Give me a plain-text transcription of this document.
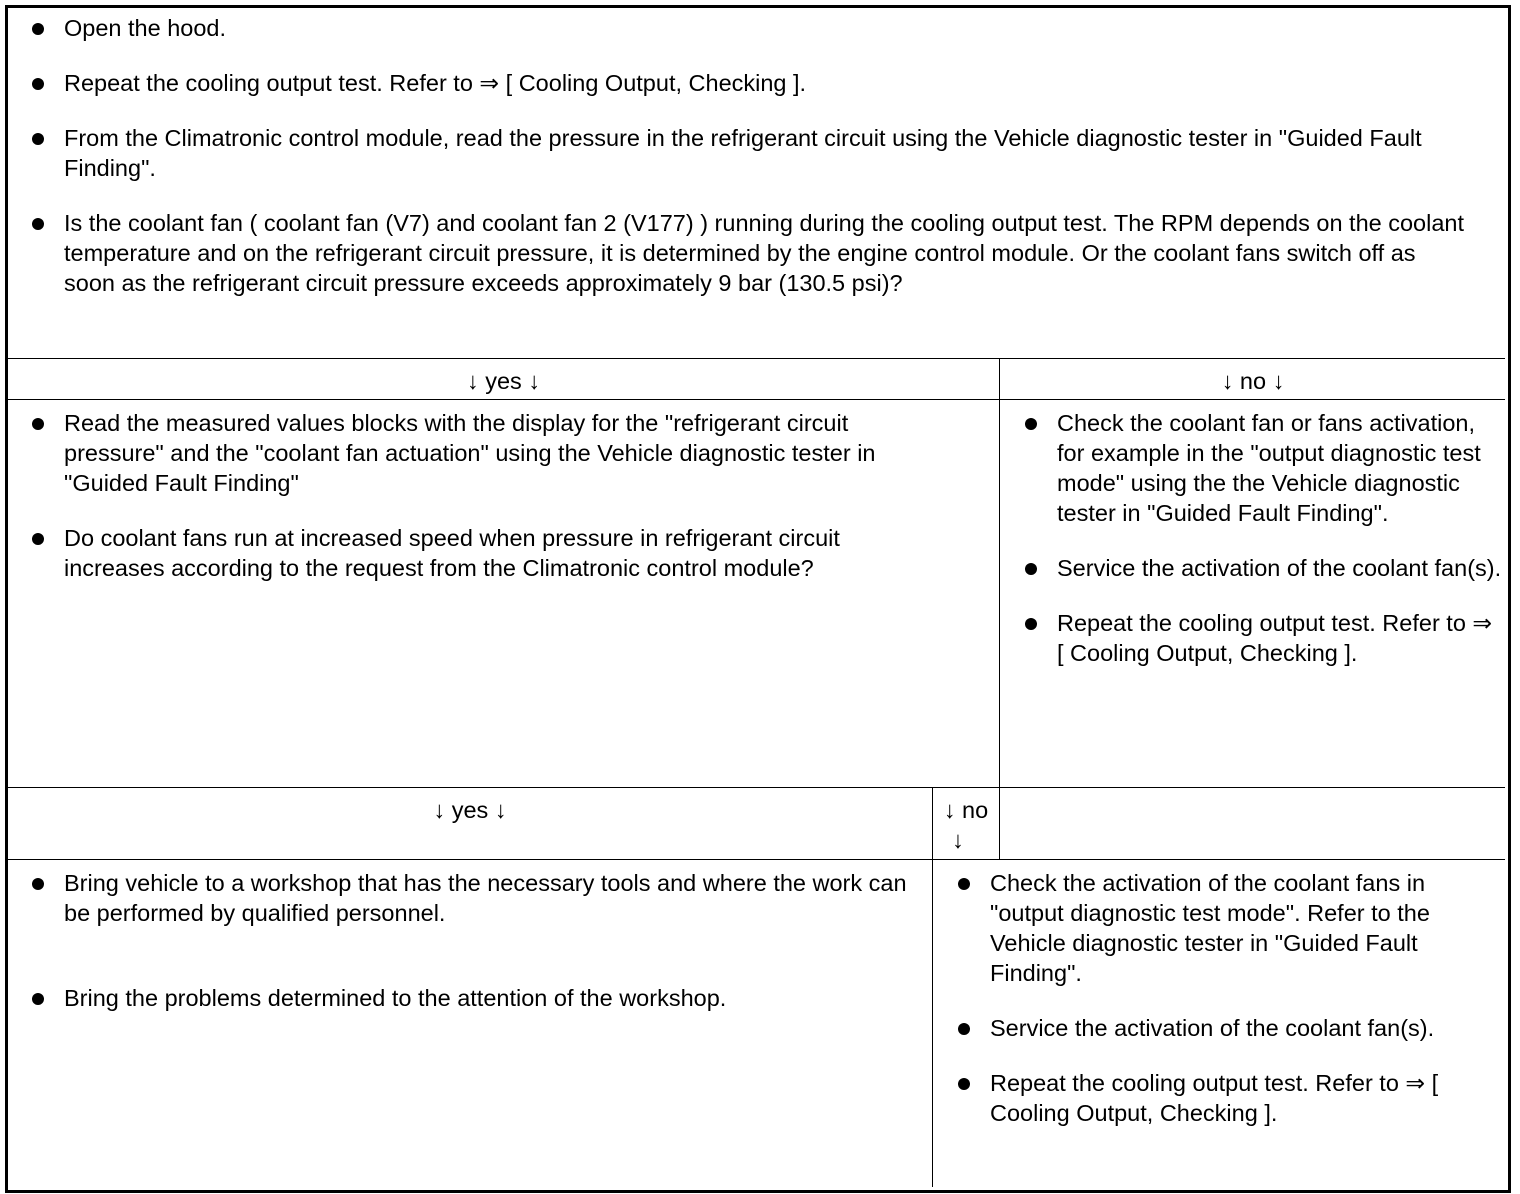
Open the hood.
Repeat the cooling output test. Refer to ⇒ [ Cooling Output, Checking ].
From the Climatronic control module, read the pressure in the refrigerant circuit using the Vehicle diagnostic tester in "Guided Fault Finding".
Is the coolant fan ( coolant fan (V7) and coolant fan 2 (V177) ) running during the cooling output test. The RPM depends on the coolant temperature and on the refrigerant circuit pressure, it is determined by the engine control module. Or the coolant fans switch off as soon as the refrigerant circuit pressure exceeds approximately 9 bar (130.5 psi)?
↓ yes ↓	↓ no ↓
Read the measured values blocks with the display for the "refrigerant circuit pressure" and the "coolant fan actuation" using the Vehicle diagnostic tester in "Guided Fault Finding"
Do coolant fans run at increased speed when pressure in refrigerant circuit increases according to the request from the Climatronic control module?
Check the coolant fan or fans activation, for example in the "output diagnostic test mode" using the the Vehicle diagnostic tester in "Guided Fault Finding".
Service the activation of the coolant fan(s).
Repeat the cooling output test. Refer to ⇒ [ Cooling Output, Checking ].
↓ yes ↓	↓ no
↓
Bring vehicle to a workshop that has the necessary tools and where the work can be performed by qualified personnel.
Bring the problems determined to the attention of the workshop.
Check the activation of the coolant fans in "output diagnostic test mode". Refer to the Vehicle diagnostic tester in "Guided Fault Finding".
Service the activation of the coolant fan(s).
Repeat the cooling output test. Refer to ⇒ [ Cooling Output, Checking ].
